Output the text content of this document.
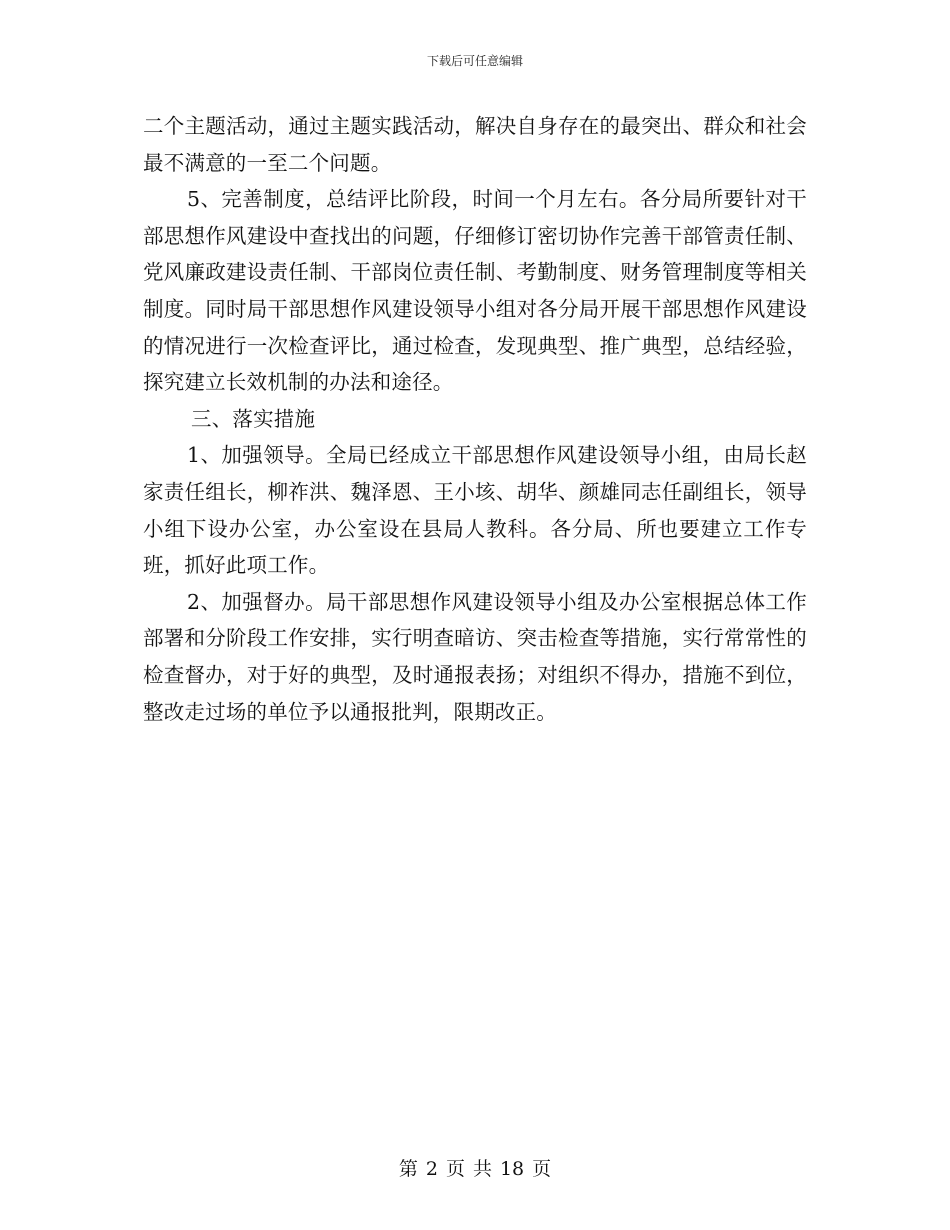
下载后可任意编辑

二个主题活动，通过主题实践活动，解决自身存在的最突出、群众和社会最不满意的一至二个问题。

5、完善制度，总结评比阶段，时间一个月左右。各分局所要针对干部思想作风建设中查找出的问题，仔细修订密切协作完善干部管责任制、党风廉政建设责任制、干部岗位责任制、考勤制度、财务管理制度等相关制度。同时局干部思想作风建设领导小组对各分局开展干部思想作风建设的情况进行一次检查评比，通过检查，发现典型、推广典型，总结经验，探究建立长效机制的办法和途径。

三、落实措施

1、加强领导。全局已经成立干部思想作风建设领导小组，由局长赵家责任组长，柳祚洪、魏泽恩、王小垓、胡华、颜雄同志任副组长，领导小组下设办公室，办公室设在县局人教科。各分局、所也要建立工作专班，抓好此项工作。

2、加强督办。局干部思想作风建设领导小组及办公室根据总体工作部署和分阶段工作安排，实行明查暗访、突击检查等措施，实行常常性的检查督办，对于好的典型，及时通报表扬；对组织不得办，措施不到位，整改走过场的单位予以通报批判，限期改正。

第 2 页 共 18 页
